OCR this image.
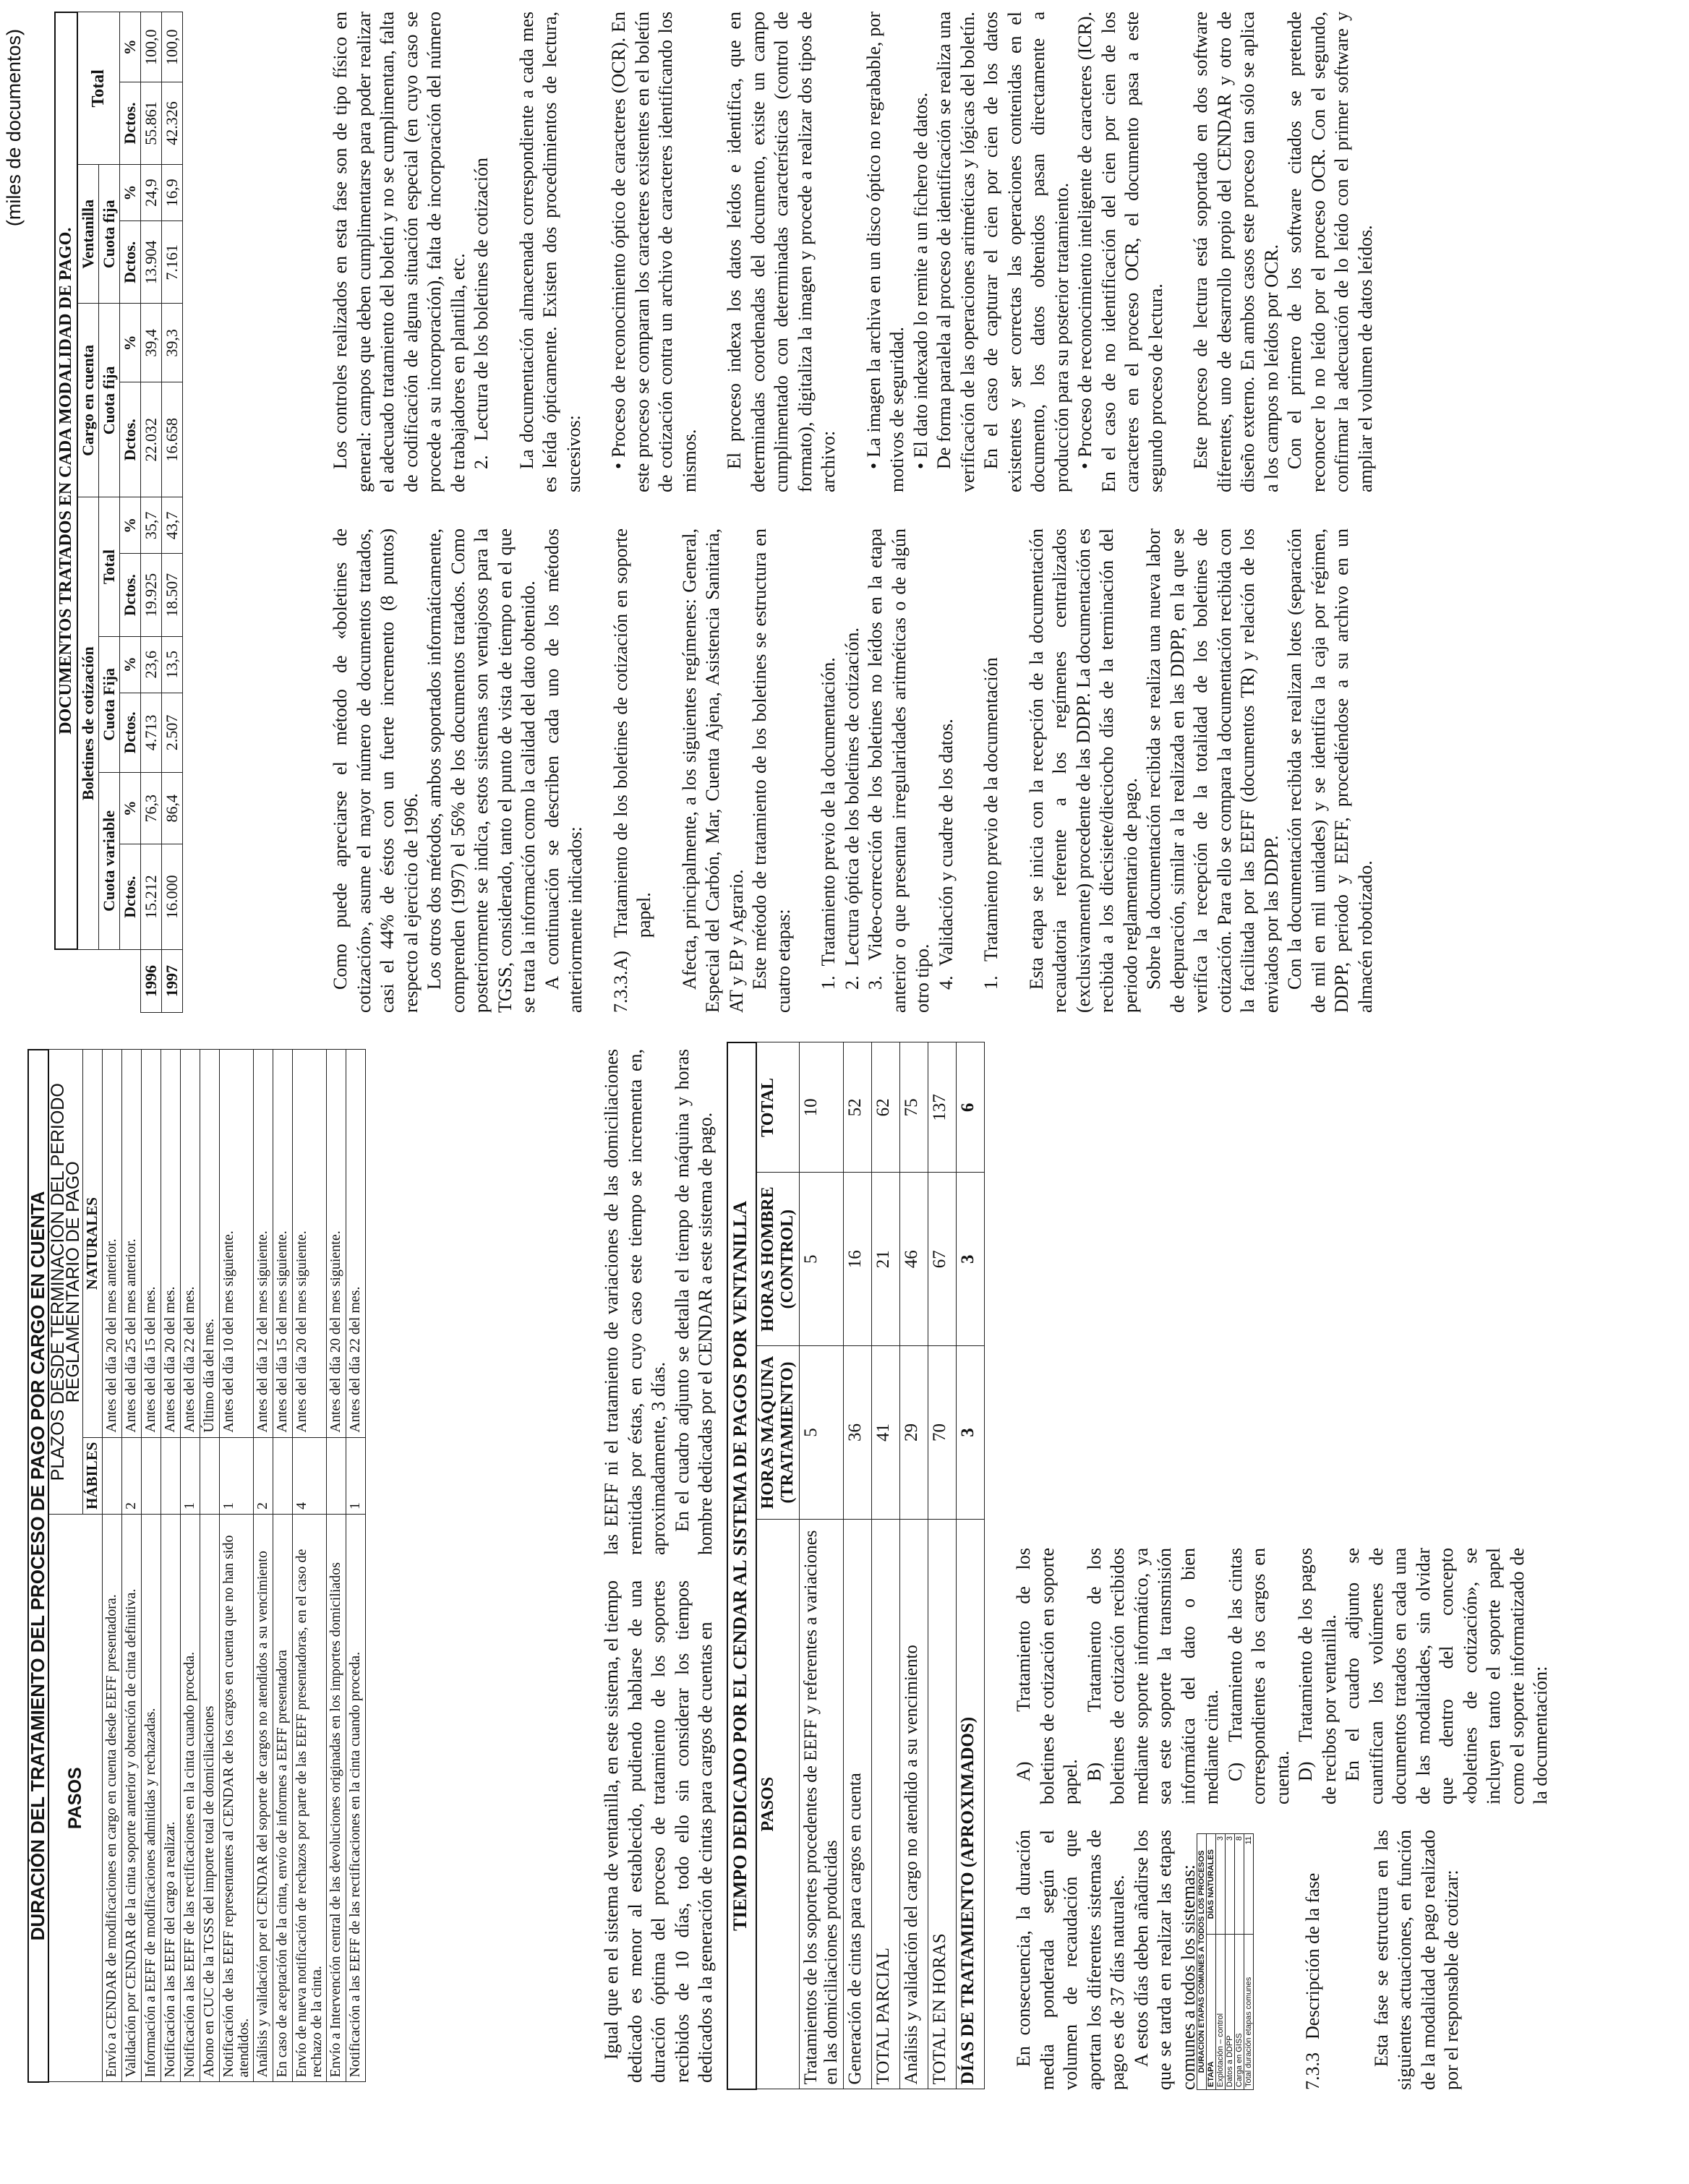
(miles de documentos)
DURACIÓN DEL TRATAMIENTO DEL PROCESO DE PAGO POR CARGO EN CUENTA		
PASOS	PLAZOS DESDE TERMINACIÓN DEL PERIODO REGLAMENTARIO DE PAGO	
	HÁBILES	NATURALES
Envío a CENDAR de modificaciones en cargo en cuenta desde EEFF presentadora.		Antes del día 20 del mes anterior.
Validación por CENDAR de la cinta soporte anterior y obtención de cinta definitiva.	2	Antes del día 25 del mes anterior.
Información a EEFF de modificaciones admitidas y rechazadas.		Antes del día 15 del mes.
Notificación a las EEFF del cargo a realizar.		Antes del día 20 del mes.
Notificación a las EEFF de las rectificaciones en la cinta cuando proceda.	1	Antes del día 22 del mes.
Abono en CUC de la TGSS del importe total de domiciliaciones		Último día del mes.
Notificación de las EEFF representantes al CENDAR de los cargos en cuenta que no han sido atendidos.	1	Antes del día 10 del mes siguiente.
Análisis y validación por el CENDAR del soporte de cargos no atendidos a su vencimiento	2	Antes del día 12 del mes siguiente.
En caso de aceptación de la cinta, envío de informes a EEFF presentadora		Antes del día 15 del mes siguiente.
Envío de nueva notificación de rechazos por parte de las EEFF presentadoras, en el caso de rechazo de la cinta.	4	Antes del día 20 del mes siguiente.
Envío a Intervención central de las devoluciones originadas en los importes domiciliados		Antes del día 20 del mes siguiente.
Notificación a las EEFF de las rectificaciones en la cinta cuando proceda.	1	Antes del día 22 del mes.

Igual que en el sistema de ventanilla, en este sistema, el tiempo dedicado es menor al establecido, pudiendo hablarse de una duración óptima del proceso de tratamiento de los soportes recibidos de 10 días, todo ello sin considerar los tiempos dedicados a la generación de cintas para cargos de cuentas en

las EEFF ni el tratamiento de variaciones de las domiciliaciones remitidas por éstas, en cuyo caso este tiempo se incrementa en, aproximadamente, 3 días. En el cuadro adjunto se detalla el tiempo de máquina y horas hombre dedicadas por el CENDAR a este sistema de pago. TIEMPO DEDICADO POR EL CENDAR AL SISTEMA DE PAGOS POR VENTANILLA			
PASOS	HORAS MÁQUINA (TRATAMIENTO)	HORAS HOMBRE (CONTROL)	TOTAL
Tratamientos de los soportes procedentes de EEFF y referentes a variaciones en las domiciliaciones producidas	5	5	10
Generación de cintas para cargos en cuenta	36	16	52
TOTAL PARCIAL	41	21	62
Análisis y validación del cargo no atendido a su vencimiento	29	46	75
TOTAL EN HORAS	70	67	137
DÍAS DE TRATAMIENTO (APROXIMADOS)	3	3	6

En consecuencia, la duración media ponderada según el volumen de recaudación que aportan los diferentes sistemas de pago es de 37 días naturales. A estos días deben añadirse los que se tarda en realizar las etapas comunes a todos los sistemas:

DURACIÓN ETAPAS COMUNES A TODOS LOS PROCESOS	
ETAPA	DÍAS NATURALES
Explotación – control	3
Datos a DDPP	3
Carga en GISS	8
Total duración etapas comunes	11
7.3.3
Descripción de la fase	Esta fase se estructura en las siguientes actuaciones, en función de la modalidad de pago realizado por el responsable de cotizar:

A)   Tratamiento de los boletines de cotización en soporte papel.

B)   Tratamiento de los boletines de cotización recibidos mediante soporte informático, ya sea este soporte la transmisión informática del dato o bien mediante cinta. C)   Tratamiento de las cintas correspondientes a los cargos en cuenta. D)   Tratamiento de los pagos de recibos por ventanilla. En el cuadro adjunto se cuantifican los volúmenes de documentos tratados en cada una de las modalidades, sin olvidar que dentro del concepto «boletines de cotización», se incluyen tanto el soporte papel como el soporte informatizado de la documentación:

	DOCUMENTOS TRATADOS EN CADA MODALIDAD DE PAGO.											
	Boletines de cotización						Cargo en cuenta		Ventanilla		Total	
	Cuota variable		Cuota Fija		Total		Cuota fija		Cuota fija			
	Dctos.	%	Dctos.	%	Dctos.	%	Dctos.	%	Dctos.	%	Dctos.	%
1996	15.212	76,3	4.713	23,6	19.925	35,7	22.032	39,4	13.904	24,9	55.861	100,0
1997	16.000	86,4	2.507	13,5	18.507	43,7	16.658	39,3	7.161	16,9	42.326	100,0

Como puede apreciarse el método de «boletines de cotización», asume el mayor número de documentos tratados, casi el 44% de éstos con un fuerte incremento (8 puntos) respecto al ejercicio de 1996. Los otros dos métodos, ambos soportados informáticamente, comprenden (1997) el 56% de los documentos tratados. Como posteriormente se indica, estos sistemas son ventajosos para la TGSS, considerado, tanto el punto de vista de tiempo en el que se trata la información como la calidad del dato obtenido. A continuación se describen cada uno de los métodos anteriormente indicados: 7.3.3.A)
Tratamiento de los boletines de cotización en soporte papel. Afecta, principalmente, a los siguientes regímenes: General, Especial del Carbón, Mar, Cuenta Ajena, Asistencia Sanitaria, AT y EP y Agrario. Este método de tratamiento de los boletines se estructura en cuatro etapas: 1.  Tratamiento previo de la documentación. 2.  Lectura óptica de los boletines de cotización. 3.  Video-corrección de los boletines no leídos en la etapa anterior o que presentan irregularidades aritméticas o de algún otro tipo. 4.  Validación y cuadre de los datos. 1.   Tratamiento previo de la documentación Esta etapa se inicia con la recepción de la documentación recaudatoria referente a los regímenes centralizados (exclusivamente) procedente de las DDPP. La documentación es recibida a los diecisiete/dieciocho días de la terminación del periodo reglamentario de pago. Sobre la documentación recibida se realiza una nueva labor de depuración, similar a la realizada en las DDPP, en la que se verifica la recepción de la totalidad de los boletines de cotización. Para ello se compara la documentación recibida con la facilitada por las EEFF (documentos TR) y relación de los enviados por las DDPP. Con la documentación recibida se realizan lotes (separación de mil en mil unidades) y se identifica la caja por régimen, DDPP, periodo y EEFF, procediéndose a su archivo en un almacén robotizado.

Los controles realizados en esta fase son de tipo físico en general: campos que deben cumplimentarse para poder realizar el adecuado tratamiento del boletín y no se cumplimentan, falta de codificación de alguna situación especial (en cuyo caso se procede a su incorporación), falta de incorporación del número de trabajadores en plantilla, etc. 2.   Lectura de los boletines de cotización La documentación almacenada correspondiente a cada mes es leída ópticamente. Existen dos procedimientos de lectura, sucesivos: • Proceso de reconocimiento óptico de caracteres (OCR). En este proceso se comparan los caracteres existentes en el boletín de cotización contra un archivo de caracteres identificando los mismos. El proceso indexa los datos leídos e identifica, que en determinadas coordenadas del documento, existe un campo cumplimentado con determinadas características (control de formato), digitaliza la imagen y procede a realizar dos tipos de archivo: • La imagen la archiva en un disco óptico no regrabable, por motivos de seguridad. • El dato indexado lo remite a un fichero de datos. De forma paralela al proceso de identificación se realiza una verificación de las operaciones aritméticas y lógicas del boletín. En el caso de capturar el cien por cien de los datos existentes y ser correctas las operaciones contenidas en el documento, los datos obtenidos pasan directamente a producción para su posterior tratamiento. • Proceso de reconocimiento inteligente de caracteres (ICR). En el caso de no identificación del cien por cien de los caracteres en el proceso OCR, el documento pasa a este segundo proceso de lectura. Este proceso de lectura está soportado en dos software diferentes, uno de desarrollo propio del CENDAR y otro de diseño externo. En ambos casos este proceso tan sólo se aplica a los campos no leídos por OCR. Con el primero de los software citados se pretende reconocer lo no leído por el proceso OCR. Con el segundo, confirmar la adecuación de lo leído con el primer software y ampliar el volumen de datos leídos.
